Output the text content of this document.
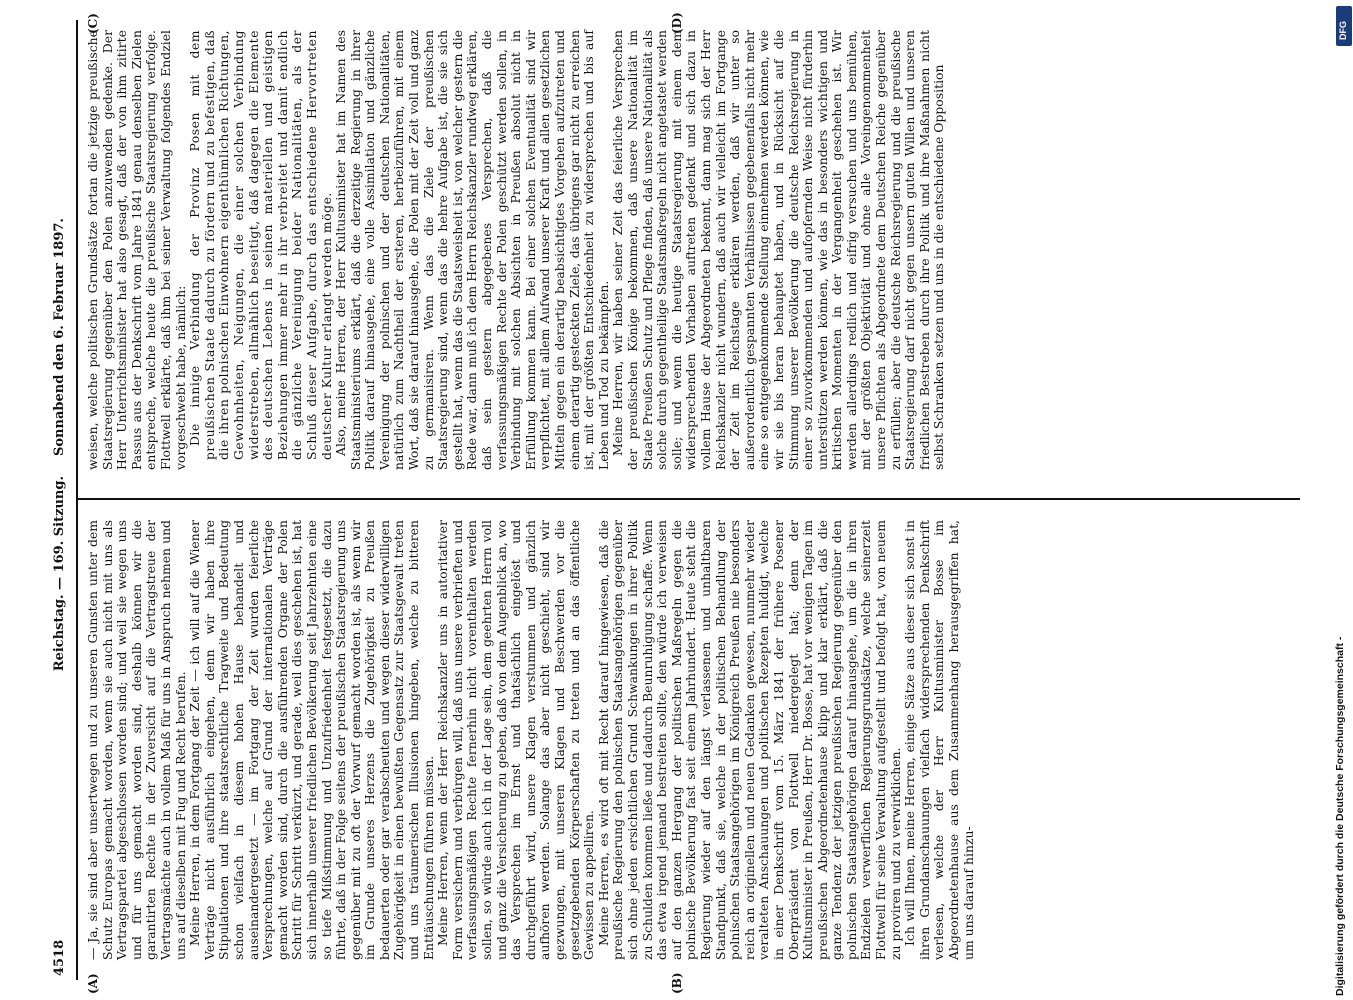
4518
Reichstag. — 169. Sitzung.
Sonnabend den 6. Februar 1897.
(A)	(B)
(C)	(D)

— Ja, sie sind aber unsertwegen und zu unseren Gunsten unter dem Schutz Europas gemacht worden, wenn sie auch nicht mit uns als Vertragspartei abgeschlossen worden sind; und weil sie wegen uns und für uns gemacht worden sind, deshalb können wir die garantirten Rechte in der Zuversicht auf die Vertragstreue der Vertragsmächte auch in vollem Maß für uns in Anspruch nehmen und uns auf dieselben mit Fug und Recht berufen. Meine Herren, in dem Fortgang der Zeit — ich will auf die Wiener Verträge nicht ausführlich eingehen, denn wir haben ihre Stipulationen und ihre staatsrechtliche Tragweite und Bedeutung schon vielfach in diesem hohen Hause behandelt und auseinandergesetzt — im Fortgang der Zeit wurden feierliche Versprechungen, welche auf Grund der internationalen Verträge gemacht worden sind, durch die ausführenden Organe der Polen Schritt für Schritt verkürzt, und gerade, weil dies geschehen ist, hat sich innerhalb unserer friedlichen Bevölkerung seit Jahrzehnten eine so tiefe Mißstimmung und Unzufriedenheit festgesetzt, die dazu führte, daß in der Folge seitens der preußischen Staatsregierung uns gegenüber mit zu oft der Vorwurf gemacht worden ist, als wenn wir im Grunde unseres Herzens die Zugehörigkeit zu Preußen bedauerten oder gar verabscheuten und wegen dieser widerwilligen Zugehörigkeit in einen bewußten Gegensatz zur Staatsgewalt treten und uns träumerischen Illusionen hingeben, welche zu bitteren Enttäuschungen führen müssen. Meine Herren, wenn der Herr Reichskanzler uns in autoritativer Form versichern und verbürgen will, daß uns unsere verbrieften und verfassungsmäßigen Rechte fernerhin nicht vorenthalten werden sollen, so würde auch ich in der Lage sein, dem geehrten Herrn voll und ganz die Versicherung zu geben, daß von dem Augenblick an, wo das Versprechen im Ernst und thatsächlich eingelöst und durchgeführt wird, unsere Klagen verstummen und gänzlich aufhören werden. Solange das aber nicht geschieht, sind wir gezwungen, mit unseren Klagen und Beschwerden vor die gesetzgebenden Körperschaften zu treten und an das öffentliche Gewissen zu appelliren. Meine Herren, es wird oft mit Recht darauf hingewiesen, daß die preußische Regierung den polnischen Staatsangehörigen gegenüber sich ohne jeden ersichtlichen Grund Schwankungen in ihrer Politik zu Schulden kommen ließe und dadurch Beunruhigung schaffe. Wenn das etwa irgend jemand bestreiten sollte, den würde ich verweisen auf den ganzen Hergang der politischen Maßregeln gegen die polnische Bevölkerung fast seit einem Jahrhundert. Heute steht die Regierung wieder auf den längst verlassenen und unhaltbaren Standpunkt, daß sie, welche in der politischen Behandlung der polnischen Staatsangehörigen im Königreich Preußen nie besonders reich an originellen und neuen Gedanken gewesen, nunmehr wieder veralteten Anschauungen und politischen Rezepten huldigt, welche in einer Denkschrift vom 15. März 1841 der frühere Posener Oberpräsident von Flottwell niedergelegt hat; denn der Kultusminister in Preußen, Herr Dr. Bosse, hat vor wenigen Tagen im preußischen Abgeordnetenhause klipp und klar erklärt, daß die ganze Tendenz der jetzigen preußischen Regierung gegenüber den polnischen Staatsangehörigen darauf hinausgehe, um die in ihren Endzielen verwerflichen Regierungsgrundsätze, welche seinerzeit Flottwell für seine Verwaltung aufgestellt und befolgt hat, von neuem zu proviren und zu verwirklichen. Ich will Ihnen, meine Herren, einige Sätze aus dieser sich sonst in ihren Grundanschauungen vielfach widersprechenden Denkschrift verlesen, welche der Herr Kultusminister Bosse im Abgeordnetenhause aus dem Zusammenhang herausgegriffen hat, um uns darauf hinzu-

weisen, welche politischen Grundsätze fortan die jetzige preußische Staatsregierung gegenüber den Polen anzuwenden gedenke. Der Herr Unterrichtsminister hat also gesagt, daß der von ihm zitirte Passus aus der Denkschrift vom Jahre 1841 genau denselben Zielen entspreche, welche heute die preußische Staatsregierung verfolge. Flottwell erklärte, daß ihm bei seiner Verwaltung folgendes Endziel vorgeschwebt habe, nämlich: Die innige Verbindung der Provinz Posen mit dem preußischen Staate dadurch zu fördern und zu befestigen, daß die ihren polnischen Einwohnern eigenthümlichen Richtungen, Gewohnheiten, Neigungen, die einer solchen Verbindung widerstreben, allmählich beseitigt, daß dagegen die Elemente des deutschen Lebens in seinen materiellen und geistigen Beziehungen immer mehr in ihr verbreitet und damit endlich die gänzliche Vereinigung beider Nationalitäten, als der Schluß dieser Aufgabe, durch das entschiedene Hervortreten deutscher Kultur erlangt werden möge. Also, meine Herren, der Herr Kultusminister hat im Namen des Staatsministeriums erklärt, daß die derzeitige Regierung in ihrer Politik darauf hinausgehe, eine volle Assimilation und gänzliche Vereinigung der polnischen und der deutschen Nationalitäten, natürlich zum Nachtheil der ersteren, herbeizuführen, mit einem Wort, daß sie darauf hinausgehe, die Polen mit der Zeit voll und ganz zu germanisiren. Wenn das die Ziele der preußischen Staatsregierung sind, wenn das die hehre Aufgabe ist, die sie sich gestellt hat, wenn das die Staatsweisheit ist, von welcher gestern die Rede war, dann muß ich dem Herrn Reichskanzler rundweg erklären, daß sein gestern abgegebenes Versprechen, daß die verfassungsmäßigen Rechte der Polen geschützt werden sollen, in Verbindung mit solchen Absichten in Preußen absolut nicht in Erfüllung kommen kann. Bei einer solchen Eventualität sind wir verpflichtet, mit allem Aufwand unserer Kraft und allen gesetzlichen Mitteln gegen ein derartig beabsichtigtes Vorgehen aufzutreten und einem derartig gesteckten Ziele, das übrigens gar nicht zu erreichen ist, mit der größten Entschiedenheit zu widersprechen und bis auf Leben und Tod zu bekämpfen. Meine Herren, wir haben seiner Zeit das feierliche Versprechen der preußischen Könige bekommen, daß unsere Nationalität im Staate Preußen Schutz und Pflege finden, daß unsere Nationalität als solche durch gegentheilige Staatsmaßregeln nicht angetastet werden solle; und wenn die heutige Staatsregierung mit einem dem widersprechenden Vorhaben auftreten gedenkt und sich dazu in vollem Hause der Abgeordneten bekennt, dann mag sich der Herr Reichskanzler nicht wundern, daß auch wir vielleicht im Fortgange der Zeit im Reichstage erklären werden, daß wir unter so außerordentlich gespannten Verhältnissen gegebenenfalls nicht mehr eine so entgegenkommende Stellung einnehmen werden können, wie wir sie bis heran behauptet haben, und in Rücksicht auf die Stimmung unserer Bevölkerung die deutsche Reichsregierung in einer so zuvorkommenden und aufopfernden Weise nicht fürderhin unterstützen werden können, wie das in besonders wichtigen und kritischen Momenten in der Vergangenheit geschehen ist. Wir werden allerdings redlich und eifrig versuchen und uns bemühen, mit der größten Objektivität und ohne alle Voreingenommenheit unsere Pflichten als Abgeordnete dem Deutschen Reiche gegenüber zu erfüllen; aber die deutsche Reichsregierung und die preußische Staatsregierung darf nicht gegen unsern guten Willen und unseren friedlichen Bestreben durch ihre Politik und ihre Maßnahmen nicht selbst Schranken setzen und uns in die entschiedene Opposition

Digitalisierung gefördert durch die Deutsche Forschungsgemeinschaft -
DFG
